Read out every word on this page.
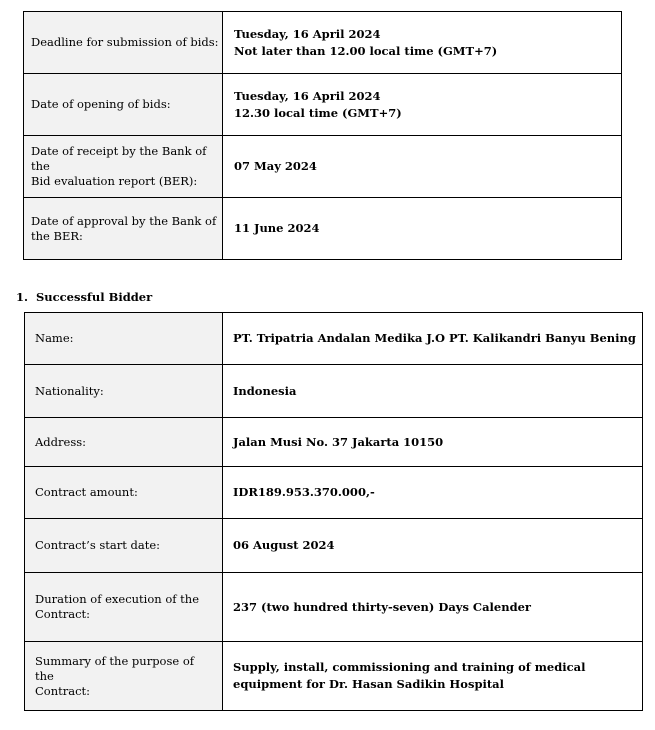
Deadline for submission of bids:	Tuesday, 16 April 2024
Not later than 12.00 local time (GMT+7)

Date of opening of bids:	Tuesday, 16 April 2024
12.30 local time (GMT+7)

Date of receipt by the Bank of the
Bid evaluation report (BER):	07 May 2024

Date of approval by the Bank of
the BER:	11 June 2024
1. Successful Bidder
Name:	PT. Tripatria Andalan Medika J.O PT. Kalikandri Banyu Bening

Nationality:	Indonesia

Address:	Jalan Musi No. 37 Jakarta 10150

Contract amount:	IDR189.953.370.000,-

Contract’s start date:	06 August 2024

Duration of execution of the
Contract:	237 (two hundred thirty-seven) Days Calender

Summary of the purpose of the
Contract:	Supply, install, commissioning and training of medical
equipment for Dr. Hasan Sadikin Hospital
